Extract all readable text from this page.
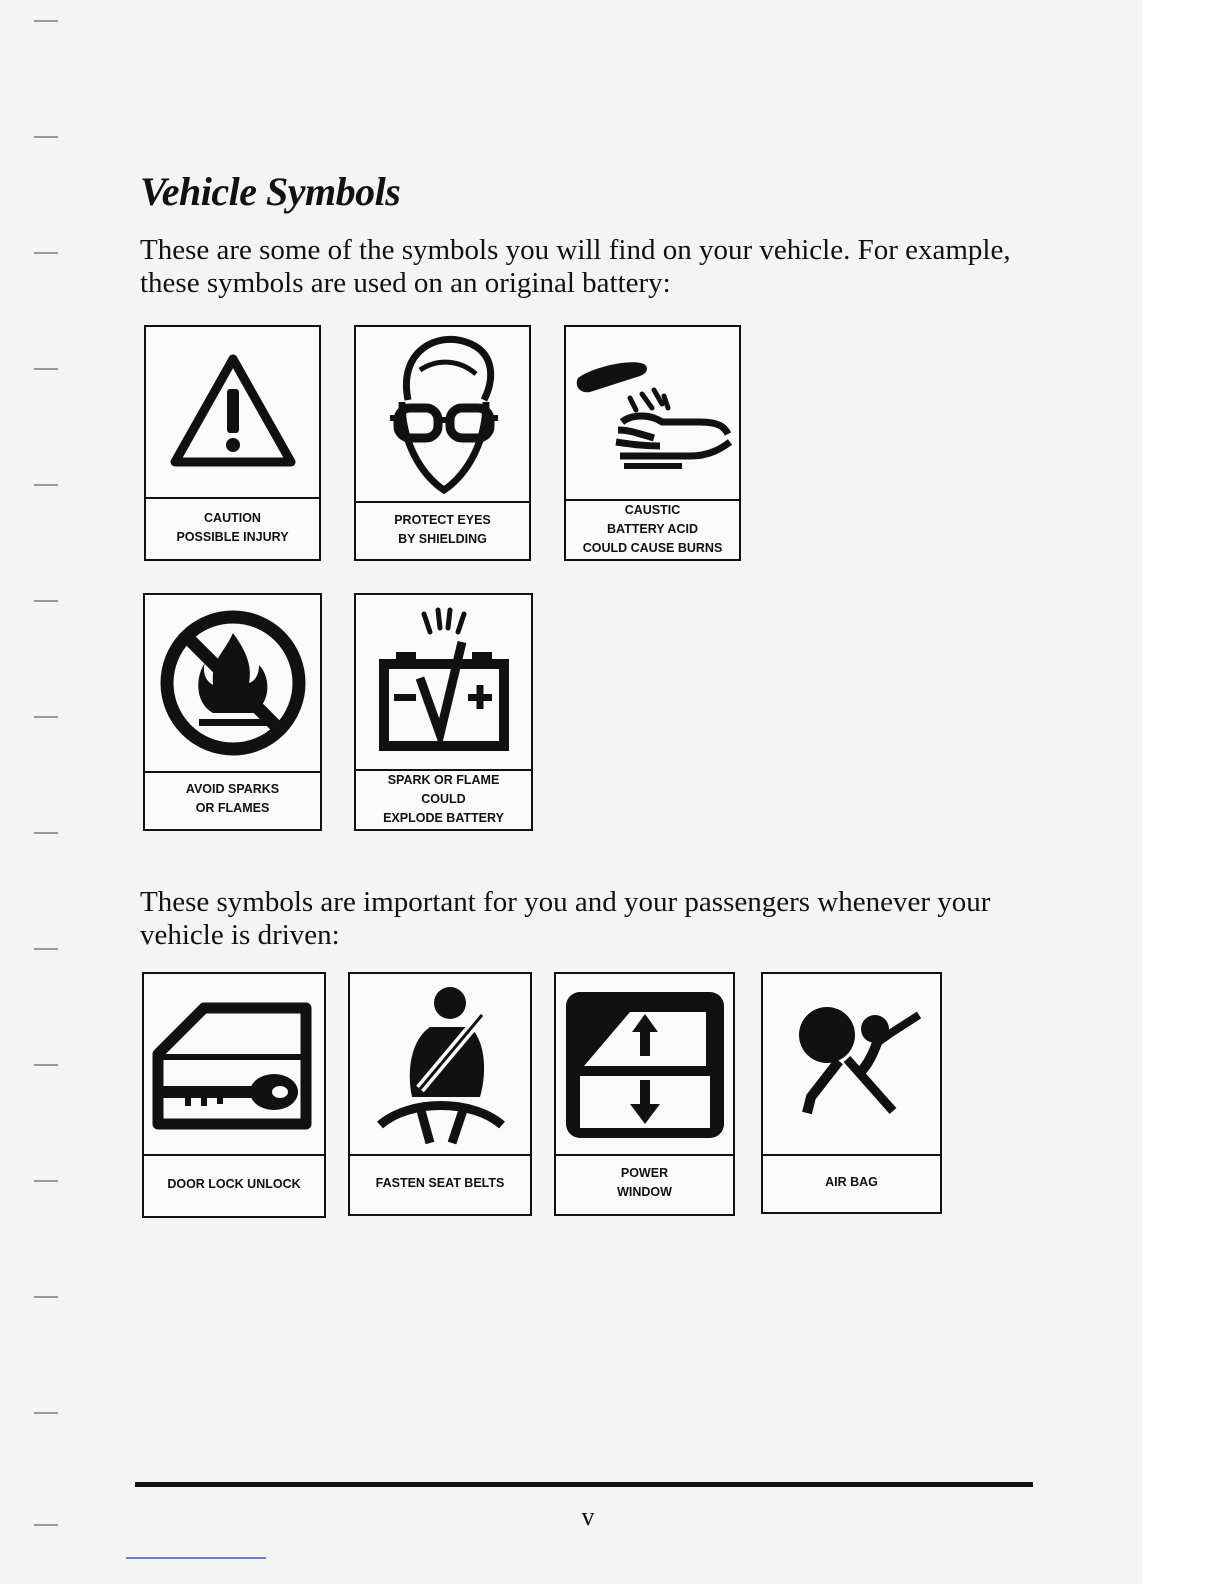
Vehicle Symbols

These are some of the symbols you will find on your vehicle. For example, these symbols are used on an original battery:

CAUTION
POSSIBLE INJURY
PROTECT EYES
BY SHIELDING
CAUSTIC
BATTERY ACID
COULD CAUSE BURNS
AVOID SPARKS
OR FLAMES
SPARK OR FLAME
COULD
EXPLODE BATTERY

These symbols are important for you and your passengers whenever your vehicle is driven:

DOOR LOCK UNLOCK	FASTEN SEAT BELTS
POWER
WINDOW
AIR BAG
v
